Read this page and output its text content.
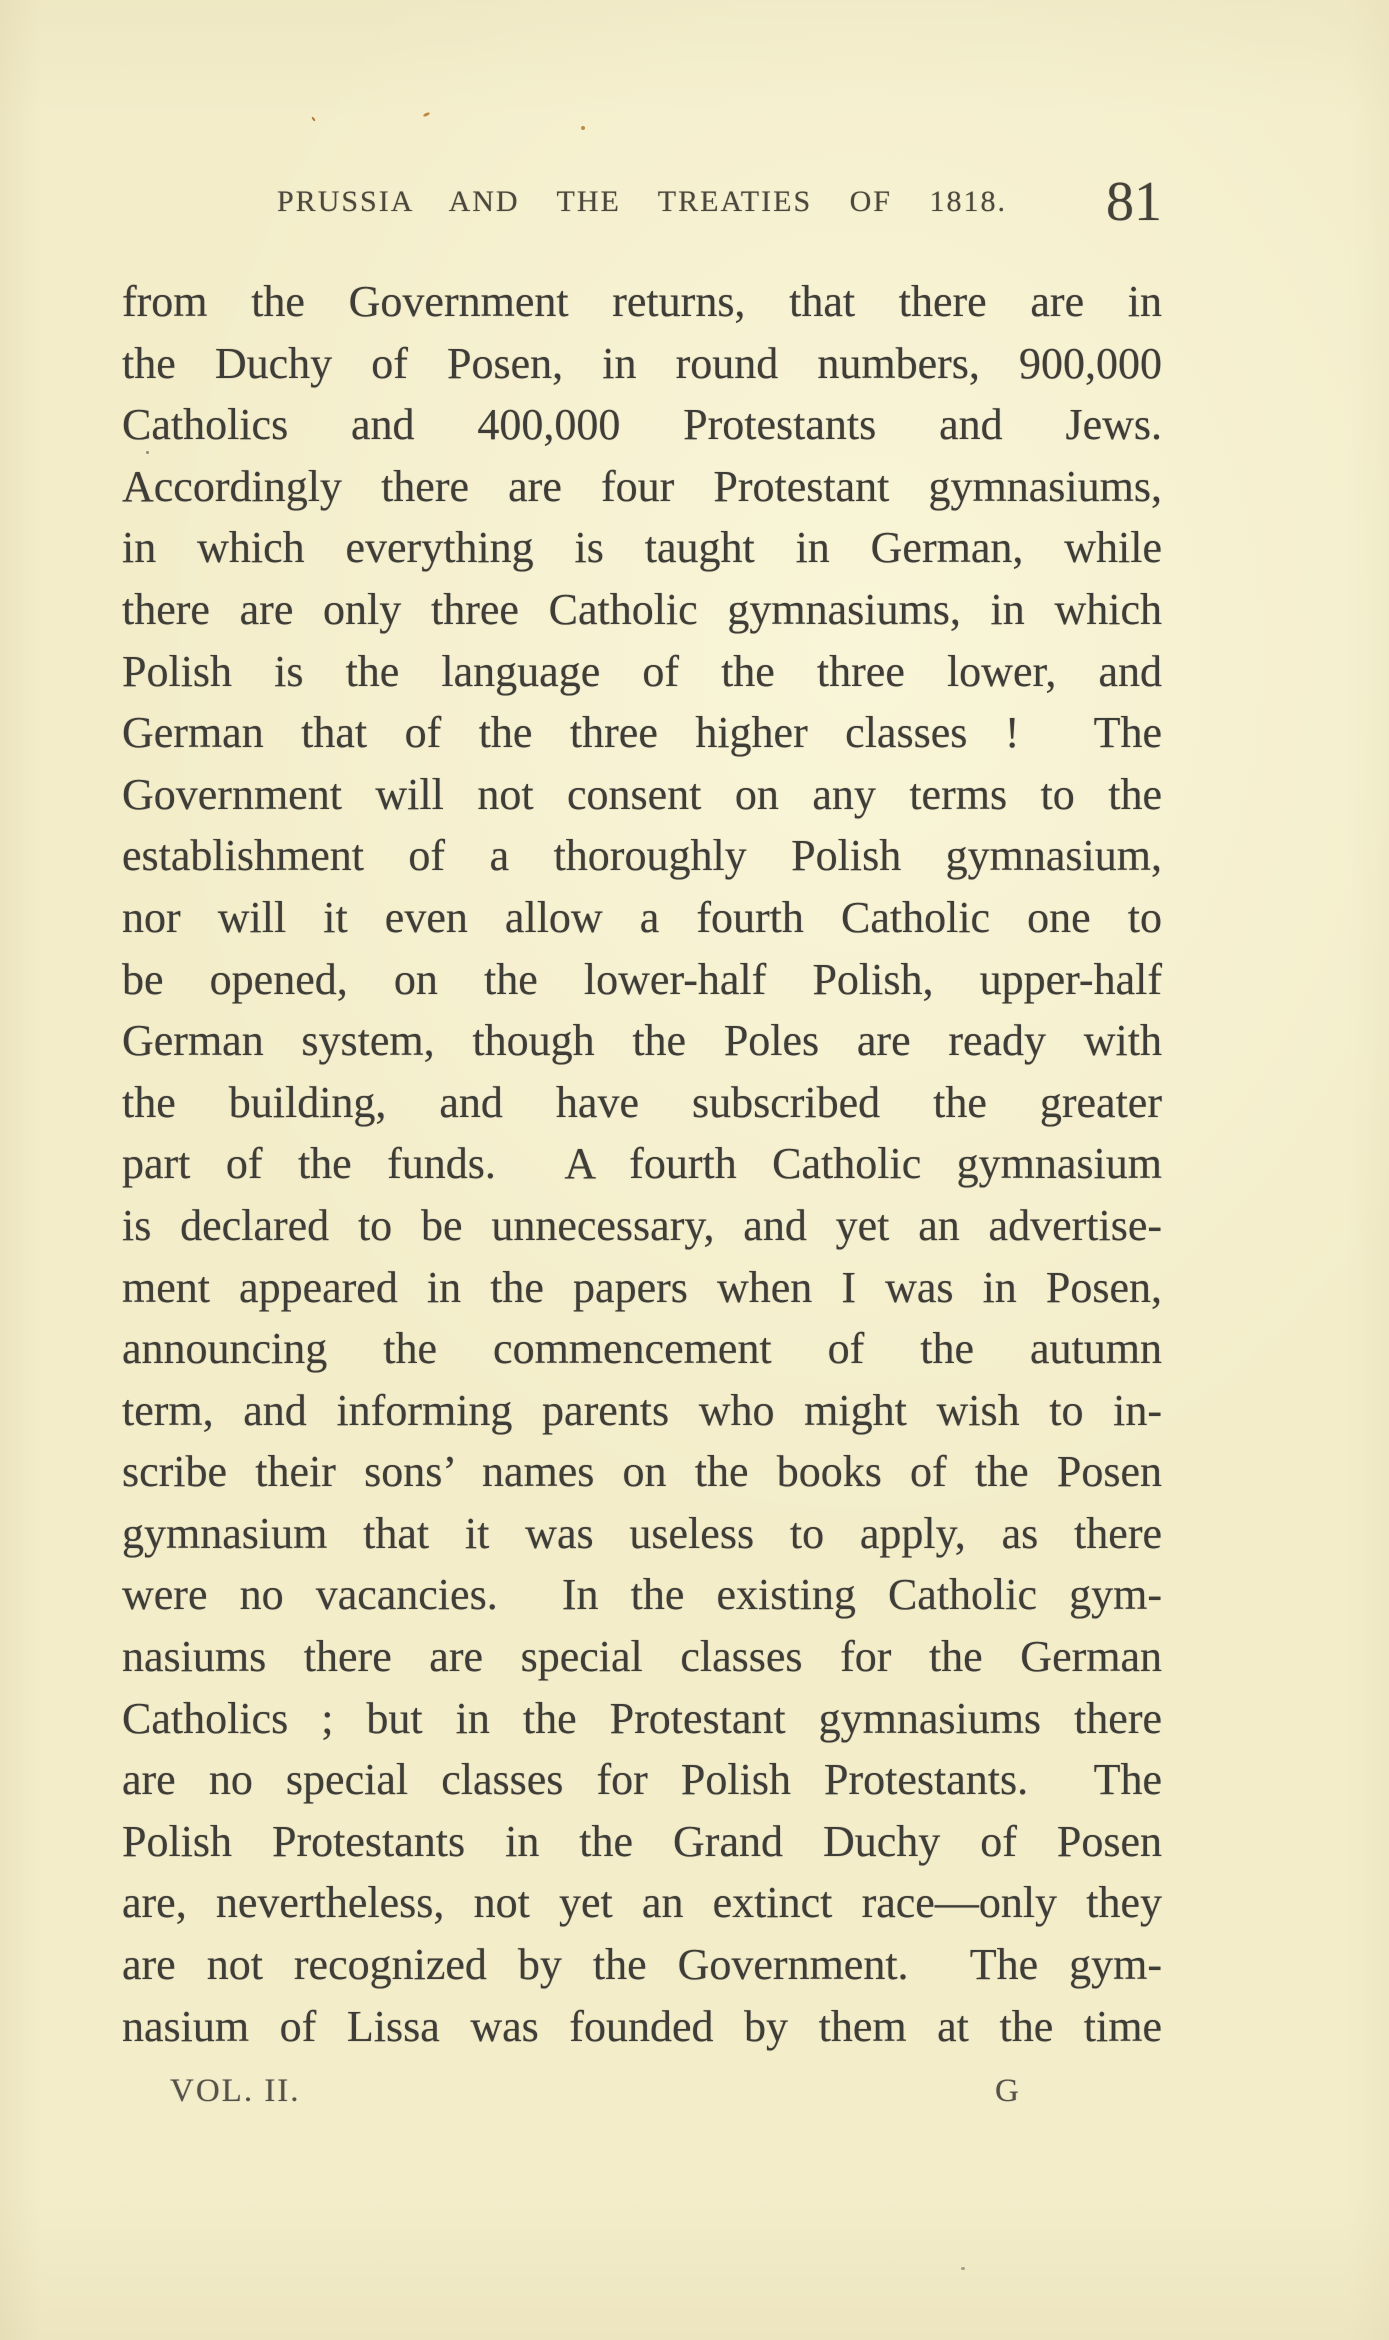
PRUSSIA AND THE TREATIES OF 1818.	81
from the Government returns, that there are in
the Duchy of Posen, in round numbers, 900,000
Catholics and 400,000 Protestants and Jews.
Accordingly there are four Protestant gymnasiums,
in which everything is taught in German, while
there are only three Catholic gymnasiums, in which
Polish is the language of the three lower, and
German that of the three higher classes !  The
Government will not consent on any terms to the
establishment of a thoroughly Polish gymnasium,
nor will it even allow a fourth Catholic one to
be opened, on the lower-half Polish, upper-half
German system, though the Poles are ready with
the building, and have subscribed the greater
part of the funds.  A fourth Catholic gymnasium
is declared to be unnecessary, and yet an advertise-
ment appeared in the papers when I was in Posen,
announcing the commencement of the autumn
term, and informing parents who might wish to in-
scribe their sons’ names on the books of the Posen
gymnasium that it was useless to apply, as there
were no vacancies.  In the existing Catholic gym-
nasiums there are special classes for the German
Catholics ; but in the Protestant gymnasiums there
are no special classes for Polish Protestants.  The
Polish Protestants in the Grand Duchy of Posen
are, nevertheless, not yet an extinct race—only they
are not recognized by the Government.  The gym-
nasium of Lissa was founded by them at the time
VOL. II.	G
